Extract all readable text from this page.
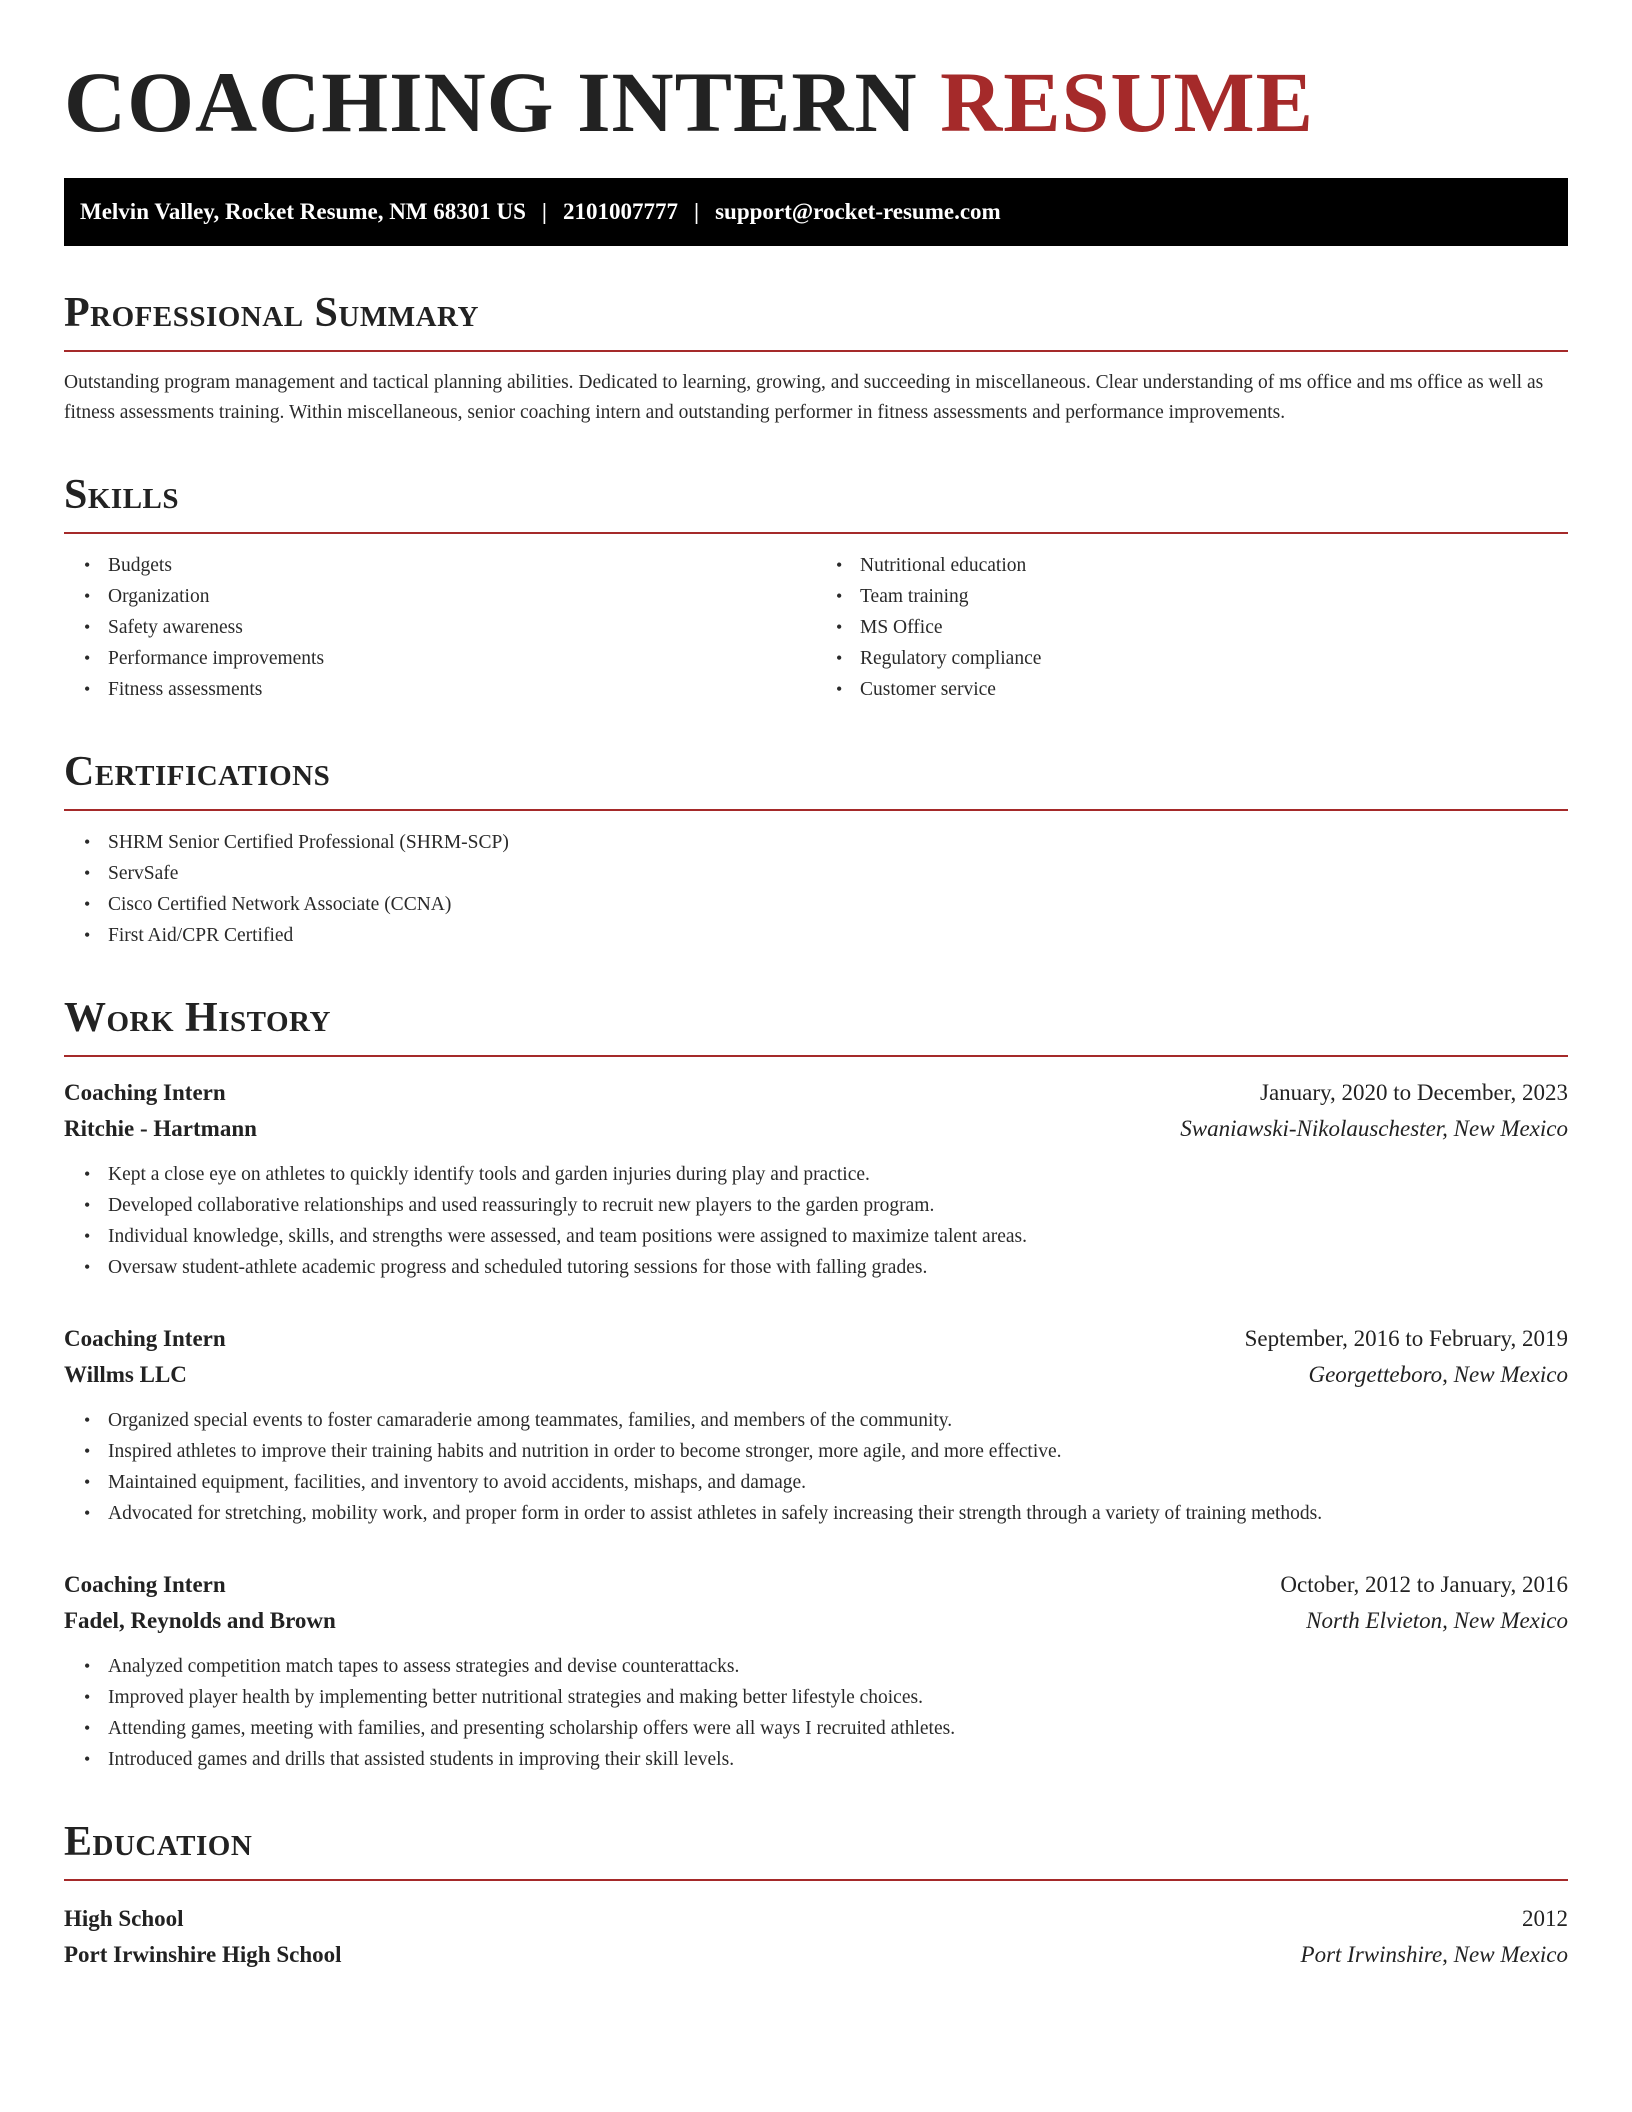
COACHING INTERN RESUME
Melvin Valley, Rocket Resume, NM 68301 US | 2101007777 | support@rocket-resume.com
Professional Summary

Outstanding program management and tactical planning abilities. Dedicated to learning, growing, and succeeding in miscellaneous. Clear understanding of ms office and ms office as well as fitness assessments training. Within miscellaneous, senior coaching intern and outstanding performer in fitness assessments and performance improvements.

Skills
• Budgets
• Organization
• Safety awareness
• Performance improvements
• Fitness assessments
• Nutritional education
• Team training
• MS Office
• Regulatory compliance
• Customer service
Certifications
• SHRM Senior Certified Professional (SHRM-SCP)
• ServSafe
• Cisco Certified Network Associate (CCNA)
• First Aid/CPR Certified
Work History
Coaching Intern	January, 2020 to December, 2023
Ritchie - Hartmann	Swaniawski-Nikolauschester, New Mexico
• Kept a close eye on athletes to quickly identify tools and garden injuries during play and practice.
• Developed collaborative relationships and used reassuringly to recruit new players to the garden program.
• Individual knowledge, skills, and strengths were assessed, and team positions were assigned to maximize talent areas.
• Oversaw student-athlete academic progress and scheduled tutoring sessions for those with falling grades.
Coaching Intern	September, 2016 to February, 2019
Willms LLC	Georgetteboro, New Mexico
• Organized special events to foster camaraderie among teammates, families, and members of the community.
• Inspired athletes to improve their training habits and nutrition in order to become stronger, more agile, and more effective.
• Maintained equipment, facilities, and inventory to avoid accidents, mishaps, and damage.
• Advocated for stretching, mobility work, and proper form in order to assist athletes in safely increasing their strength through a variety of training methods.
Coaching Intern	October, 2012 to January, 2016
Fadel, Reynolds and Brown	North Elvieton, New Mexico
• Analyzed competition match tapes to assess strategies and devise counterattacks.
• Improved player health by implementing better nutritional strategies and making better lifestyle choices.
• Attending games, meeting with families, and presenting scholarship offers were all ways I recruited athletes.
• Introduced games and drills that assisted students in improving their skill levels.
Education
High School	2012
Port Irwinshire High School	Port Irwinshire, New Mexico
